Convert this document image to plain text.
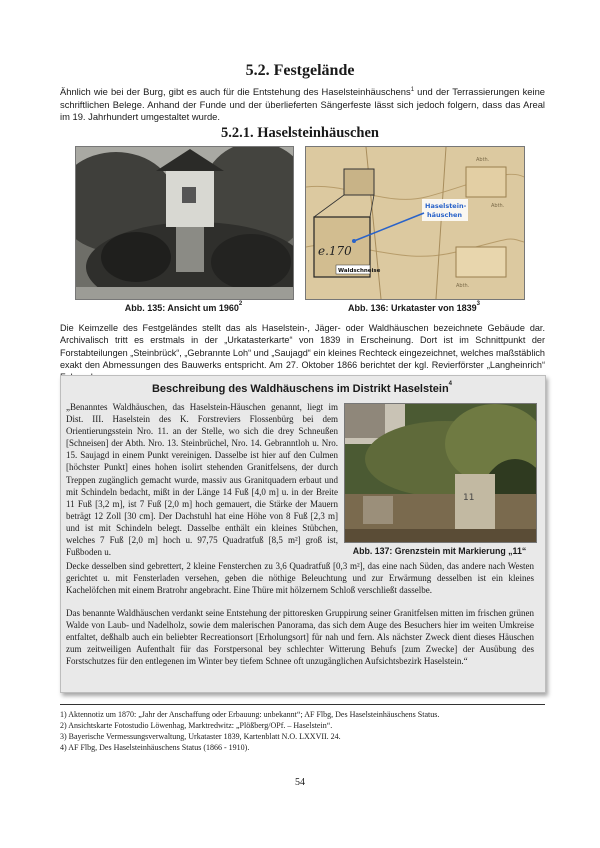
5.2. Festgelände
Ähnlich wie bei der Burg, gibt es auch für die Entstehung des Haselsteinhäuschens$^1$ und der Terrassierungen keine schriftlichen Belege. Anhand der Funde und der überlieferten Sängerfeste lässt sich jedoch folgern, dass das Areal im 19. Jahrhundert umgestaltet wurde.
5.2.1. Haselsteinhäuschen
Abb. 135: Ansicht um 1960$^2$
Abth.
Abth.
Abth.
e.170
Waldschneise
Haselstein-
häuschen
Abb. 136: Urkataster von 1839$^3$
Die Keimzelle des Festgeländes stellt das als Haselstein-, Jäger- oder Waldhäuschen bezeichnete Gebäude dar. Archivalisch tritt es erstmals in der „Urkatasterkarte“ von 1839 in Erscheinung. Dort ist im Schnittpunkt der Forstabteilungen „Steinbrück“, „Gebrannte Loh“ und „Saujagd“ ein kleines Rechteck eingezeichnet, welches maßstäblich exakt den Abmessungen des Bauwerks entspricht. Am 27. Oktober 1866 berichtet der kgl. Revierförster „Langheinrich“
Beschreibung des Waldhäuschens im Distrikt Haselstein$^4$
„Benanntes Waldhäuschen, das Haselstein-Häuschen genannt, liegt im Dist. III. Haselstein des K. Forstreviers Flossenbürg bei dem Orientierungsstein Nro. 11. an der Stelle, wo sich die drey Schneußen [Schneisen] der Abth. Nro. 13. Steinbrüchel, Nro. 14. Gebranntloh u. Nro. 15. Saujagd in einem Punkt vereinigen. Dasselbe ist hier auf den Culmen [höchster Punkt] eines hohen isolirt stehenden Granitfelsens, der durch Treppen zugänglich gemacht wurde, massiv aus Granitquadern erbaut und mit Schindeln bedacht, mißt in der Länge 14 Fuß [4,0 m] u. in der Breite 11 Fuß [3,2 m], ist 7 Fuß [2,0 m] hoch gemauert, die Stärke der Mauern beträgt 12 Zoll [30 cm]. Der Dachstuhl hat eine Höhe von 8 Fuß [2,3 m] und ist mit Schindeln belegt. Dasselbe enthält ein kleines Stübchen, welches 7 Fuß [2,0 m] hoch u. 97,75 Quadratfuß [8,5 m²] groß ist, Fußboden u.
11
Abb. 137: Grenzstein mit Markierung „11“
Decke desselben sind gebrettert, 2 kleine Fensterchen zu 3,6 Quadratfuß [0,3 m²], das eine nach Süden, das andere nach Westen gerichtet u. mit Fensterladen versehen, geben die nöthige Beleuchtung und zur Erwärmung desselben ist ein kleines Kachelöfchen mit einem Bratrohr angebracht. Eine Thüre mit hölzernem Schloß verschließt dasselbe.
Das benannte Waldhäuschen verdankt seine Entstehung der pittoresken Gruppirung seiner Granitfelsen mitten im frischen grünen Walde von Laub- und Nadelholz, sowie dem malerischen Panorama, das sich dem Auge des Besuchers hier im weiten Umkreise entfaltet, deßhalb auch ein beliebter Recreationsort [Erholungsort] für nah und fern. Als nächster Zweck dient dieses Häuschen zum zeitweiligen Aufenthalt für das Forstpersonal bey schlechter Witterung Behufs [zum Zwecke] der Ausübung des Forstschutzes für den entlegenen im Winter bey tiefem Schnee oft unzugänglichen Aufsichtsbezirk Haselstein.“
1) Aktennotiz um 1870: „Jahr der Anschaffung oder Erbauung: unbekannt“; AF Flbg, Des Haselsteinhäuschens Status.
2) Ansichtskarte Fotostudio Löwenhag, Marktredwitz: „Plößberg/OPf. – Haselstein“.
3) Bayerische Vermessungsverwaltung, Urkataster 1839, Kartenblatt N.O. LXXVII. 24.
4) AF Flbg, Des Haselsteinhäuschens Status (1866 - 1910).
54
